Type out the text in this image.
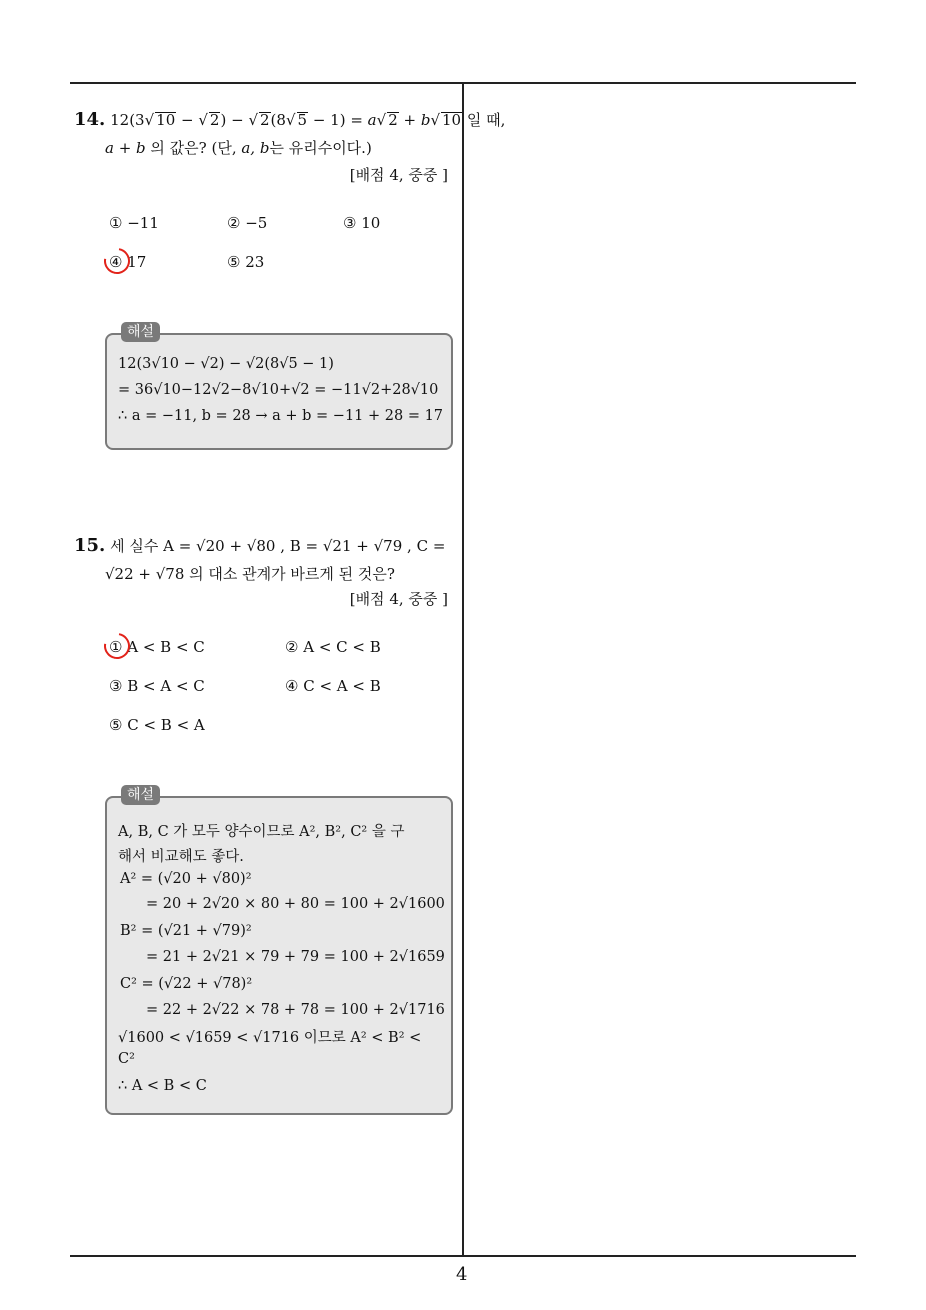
4
14. 12(3 √ 10 − √ 2) − √ 2(8 √ 5 − 1) = a √ 2 + b √ 10 일 때,
a + b 의 값은? (단, a, b는 유리수이다.)
[배점 4, 중중 ]
① −11	② −5	③ 10
④ 17	⑤ 23
해설
12(3√10 − √2) − √2(8√5 − 1)
= 36√10−12√2−8√10+√2 = −11√2+28√10
∴ a = −11, b = 28 → a + b = −11 + 28 = 17
15. 세 실수 A = √20 + √80 , B = √21 + √79 , C =
√22 + √78 의 대소 관계가 바르게 된 것은?
[배점 4, 중중 ]
① A < B < C	② A < C < B
③ B < A < C	④ C < A < B
⑤ C < B < A
해설
A, B, C 가 모두 양수이므로 A², B², C² 을 구
해서 비교해도 좋다.
A² = (√20 + √80)²
= 20 + 2√20 × 80 + 80 = 100 + 2√1600
B² = (√21 + √79)²
= 21 + 2√21 × 79 + 79 = 100 + 2√1659
C² = (√22 + √78)²
= 22 + 2√22 × 78 + 78 = 100 + 2√1716
√1600 < √1659 < √1716 이므로 A² < B² <
C²
∴ A < B < C
